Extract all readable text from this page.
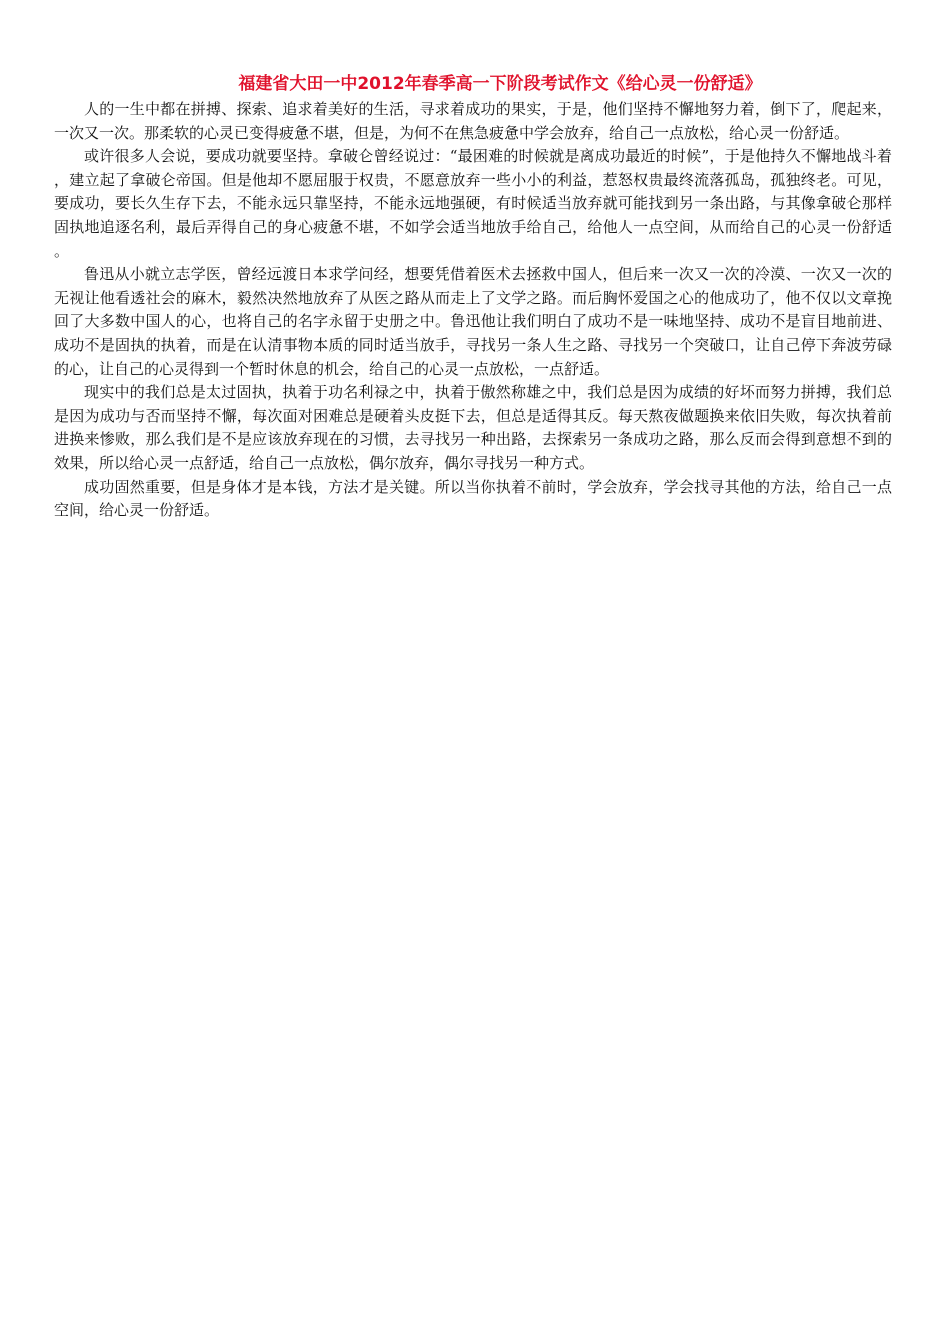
福建省大田一中2012年春季高一下阶段考试作文《给心灵一份舒适》

人的一生中都在拼搏、探索、追求着美好的生活，寻求着成功的果实，于是，他们坚持不懈地努力着，倒下了，爬起来，一次又一次。那柔软的心灵已变得疲惫不堪，但是，为何不在焦急疲惫中学会放弃，给自己一点放松，给心灵一份舒适。

或许很多人会说，要成功就要坚持。拿破仑曾经说过：“最困难的时候就是离成功最近的时候”，于是他持久不懈地战斗着，建立起了拿破仑帝国。但是他却不愿屈服于权贵，不愿意放弃一些小小的利益，惹怒权贵最终流落孤岛，孤独终老。可见，要成功，要长久生存下去，不能永远只靠坚持，不能永远地强硬，有时候适当放弃就可能找到另一条出路，与其像拿破仑那样固执地追逐名利，最后弄得自己的身心疲惫不堪，不如学会适当地放手给自己，给他人一点空间，从而给自己的心灵一份舒适。

鲁迅从小就立志学医，曾经远渡日本求学问经，想要凭借着医术去拯救中国人，但后来一次又一次的冷漠、一次又一次的无视让他看透社会的麻木，毅然决然地放弃了从医之路从而走上了文学之路。而后胸怀爱国之心的他成功了，他不仅以文章挽回了大多数中国人的心，也将自己的名字永留于史册之中。鲁迅他让我们明白了成功不是一味地坚持、成功不是盲目地前进、成功不是固执的执着，而是在认清事物本质的同时适当放手，寻找另一条人生之路、寻找另一个突破口，让自己停下奔波劳碌的心，让自己的心灵得到一个暂时休息的机会，给自己的心灵一点放松，一点舒适。

现实中的我们总是太过固执，执着于功名利禄之中，执着于傲然称雄之中，我们总是因为成绩的好坏而努力拼搏，我们总是因为成功与否而坚持不懈，每次面对困难总是硬着头皮挺下去，但总是适得其反。每天熬夜做题换来依旧失败，每次执着前进换来惨败，那么我们是不是应该放弃现在的习惯，去寻找另一种出路，去探索另一条成功之路，那么反而会得到意想不到的效果，所以给心灵一点舒适，给自己一点放松，偶尔放弃，偶尔寻找另一种方式。

成功固然重要，但是身体才是本钱，方法才是关键。所以当你执着不前时，学会放弃，学会找寻其他的方法，给自己一点空间，给心灵一份舒适。
